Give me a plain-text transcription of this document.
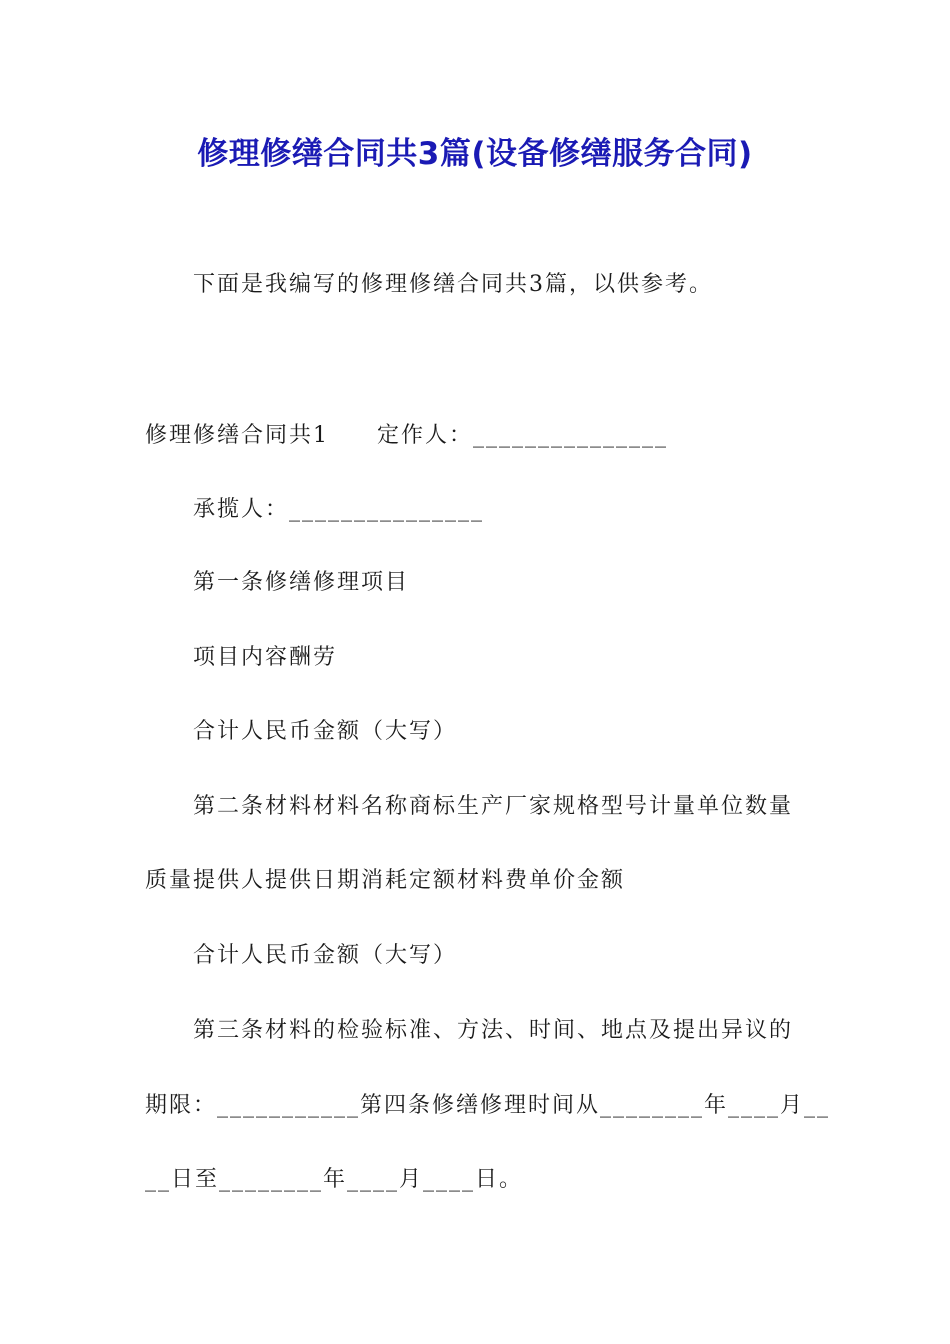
修理修缮合同共3篇(设备修缮服务合同)
下面是我编写的修理修缮合同共3篇，以供参考。
修理修缮合同共1　　定作人：_______________
承揽人：_______________
第一条修缮修理项目
项目内容酬劳
合计人民币金额（大写）
第二条材料材料名称商标生产厂家规格型号计量单位数量
质量提供人提供日期消耗定额材料费单价金额
合计人民币金额（大写）
第三条材料的检验标准、方法、时间、地点及提出异议的
期限：___________第四条修缮修理时间从________年____月__
__日至________年____月____日。
